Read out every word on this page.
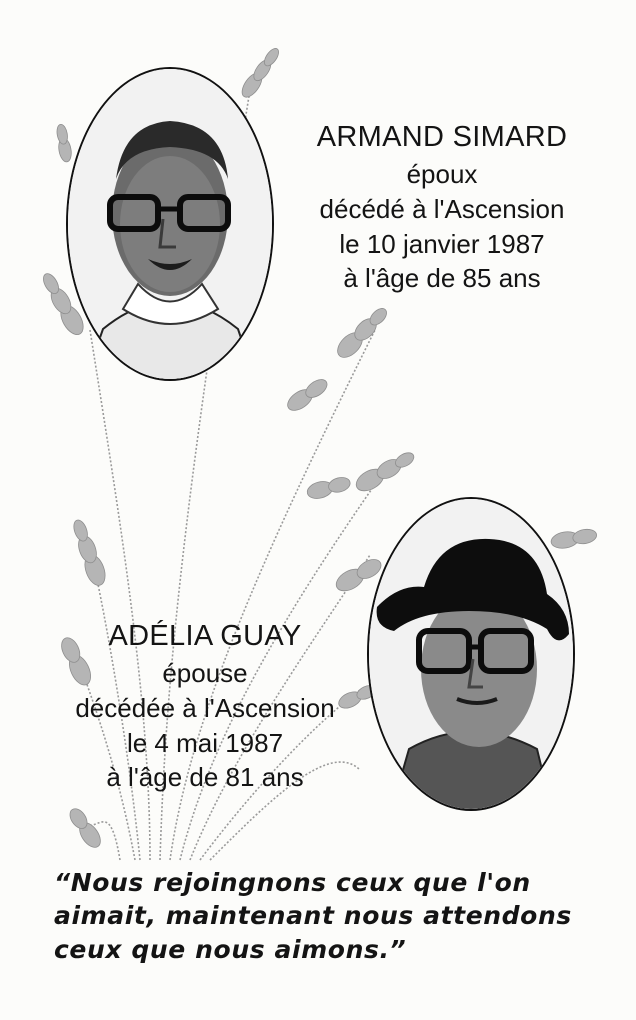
ARMAND SIMARD
époux
décédé à l'Ascension
le 10 janvier 1987
à l'âge de 85 ans
ADÉLIA GUAY
épouse
décédée à l'Ascension
le 4 mai 1987
à l'âge de 81 ans
“Nous rejoingnons ceux que l'on
aimait, maintenant nous attendons
ceux que nous aimons.”
